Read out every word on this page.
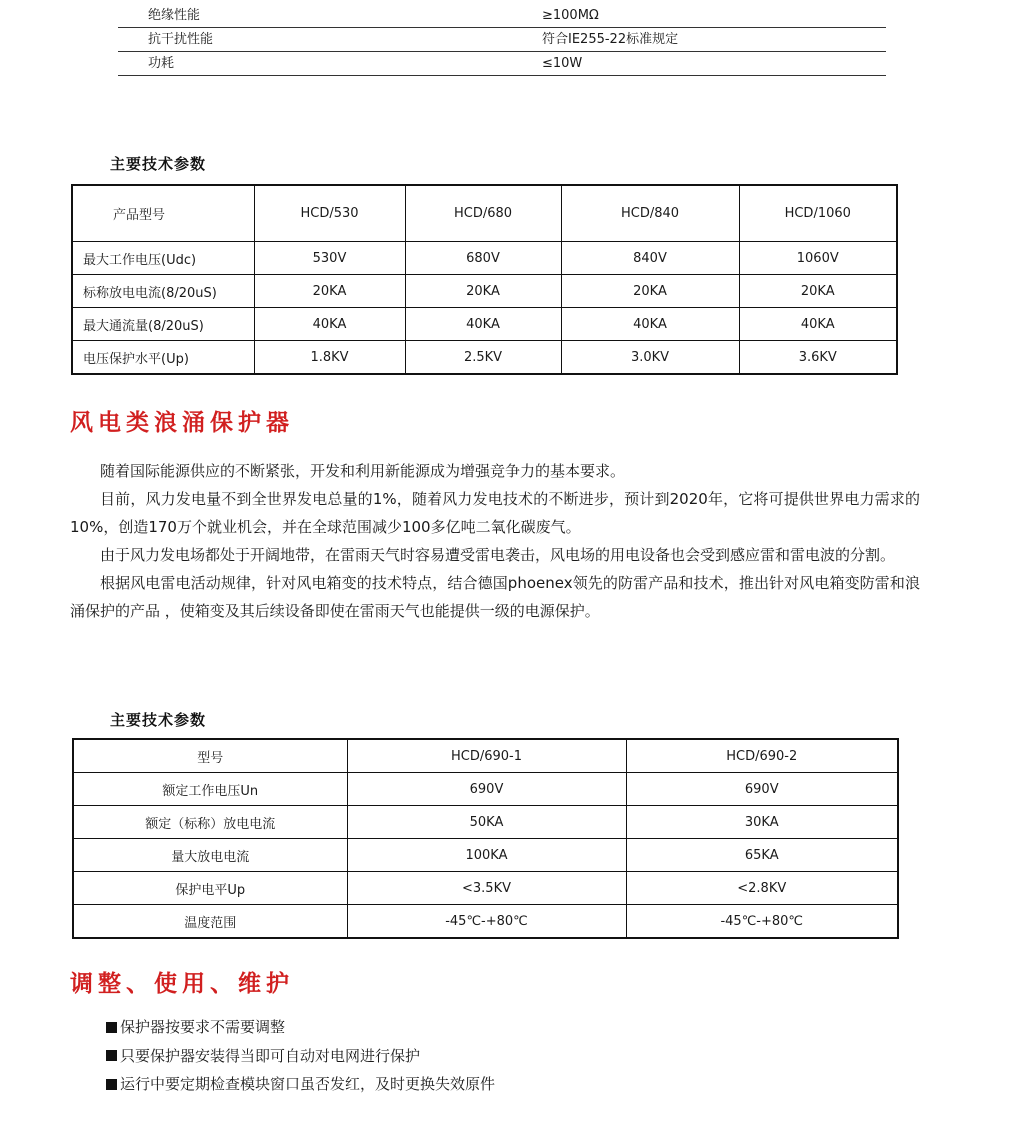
绝缘性能	≥100MΩ
抗干扰性能	符合IE255-22标准规定
功耗	≤10W
主要技术参数
产品型号	HCD/530	HCD/680	HCD/840	HCD/1060
最大工作电压(Udc)	530V	680V	840V	1060V
标称放电电流(8/20uS)	20KA	20KA	20KA	20KA
最大通流量(8/20uS)	40KA	40KA	40KA	40KA
电压保护水平(Up)	1.8KV	2.5KV	3.0KV	3.6KV
风电类浪涌保护器

随着国际能源供应的不断紧张，开发和利用新能源成为增强竞争力的基本要求。

目前，风力发电量不到全世界发电总量的1%，随着风力发电技术的不断进步，预计到2020年，它将可提供世界电力需求的10%，创造170万个就业机会，并在全球范围减少100多亿吨二氧化碳废气。

由于风力发电场都处于开阔地带，在雷雨天气时容易遭受雷电袭击，风电场的用电设备也会受到感应雷和雷电波的分割。

根据风电雷电活动规律，针对风电箱变的技术特点，结合德国phoenex领先的防雷产品和技术，推出针对风电箱变防雷和浪涌保护的产品 ，使箱变及其后续设备即使在雷雨天气也能提供一级的电源保护。

主要技术参数
型号	HCD/690-1	HCD/690-2
额定工作电压Un	690V	690V
额定（标称）放电电流	50KA	30KA
量大放电电流	100KA	65KA
保护电平Up	<3.5KV	<2.8KV
温度范围	-45℃-+80℃	-45℃-+80℃
调整、使用、维护
保护器按要求不需要调整
只要保护器安装得当即可自动对电网进行保护
运行中要定期检查模块窗口虽否发红，及时更换失效原件
